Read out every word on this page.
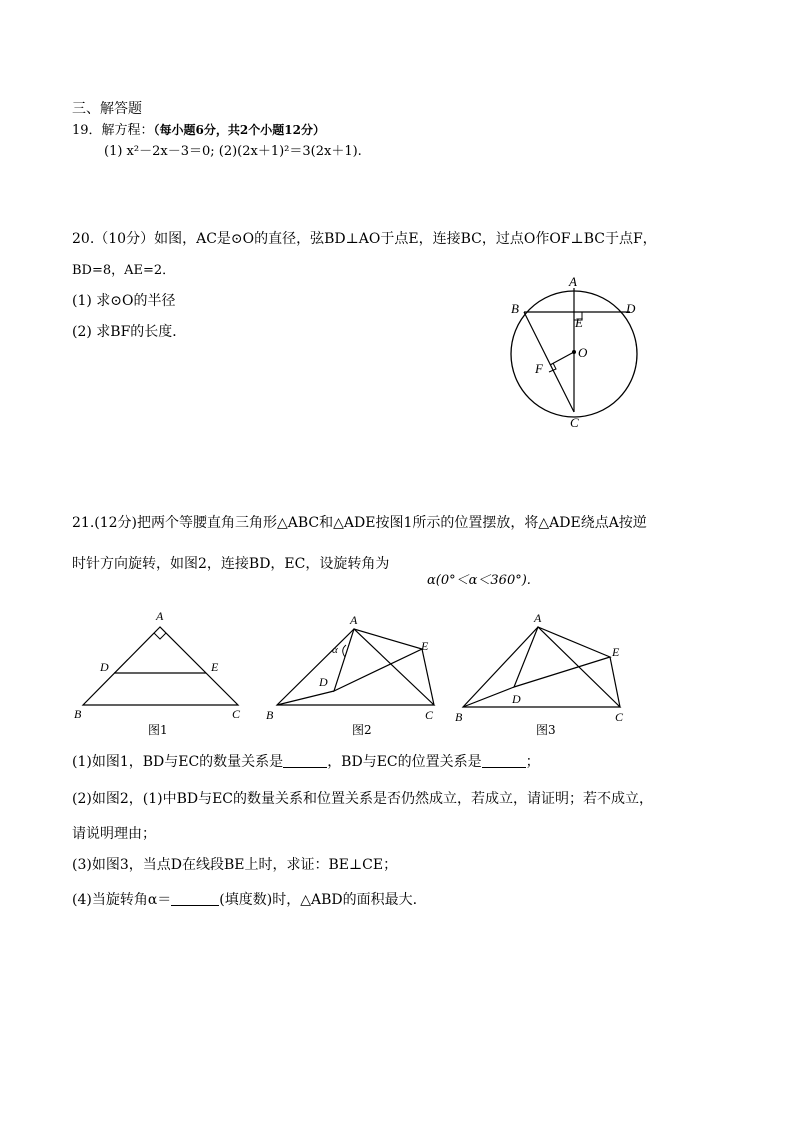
三、解答题
19．解方程：（每小题6分，共2个小题12分）
(1) x²－2x－3＝0; (2)(2x＋1)²＝3(2x＋1).
20.（10分）如图，AC是⊙O的直径，弦BD⊥AO于点E，连接BC，过点O作OF⊥BC于点F，
BD=8，AE=2．
(1) 求⊙O的半径
(2) 求BF的长度．
A
B	D
E
O
F
C
21.(12分)把两个等腰直角三角形△ABC和△ADE按图1所示的位置摆放，将△ADE绕点A按逆
时针方向旋转，如图2，连接BD，EC，设旋转角为
α(0°＜α＜360°).
A
D	E
B	C
图1
A
α	E
D
B	C
图2
A
E
D
B	C
图3
(1)如图1，BD与EC的数量关系是	，BD与EC的位置关系是	；
(2)如图2，(1)中BD与EC的数量关系和位置关系是否仍然成立，若成立，请证明；若不成立，
请说明理由；
(3)如图3，当点D在线段BE上时，求证：BE⊥CE；
(4)当旋转角α＝	(填度数)时，△ABD的面积最大.
